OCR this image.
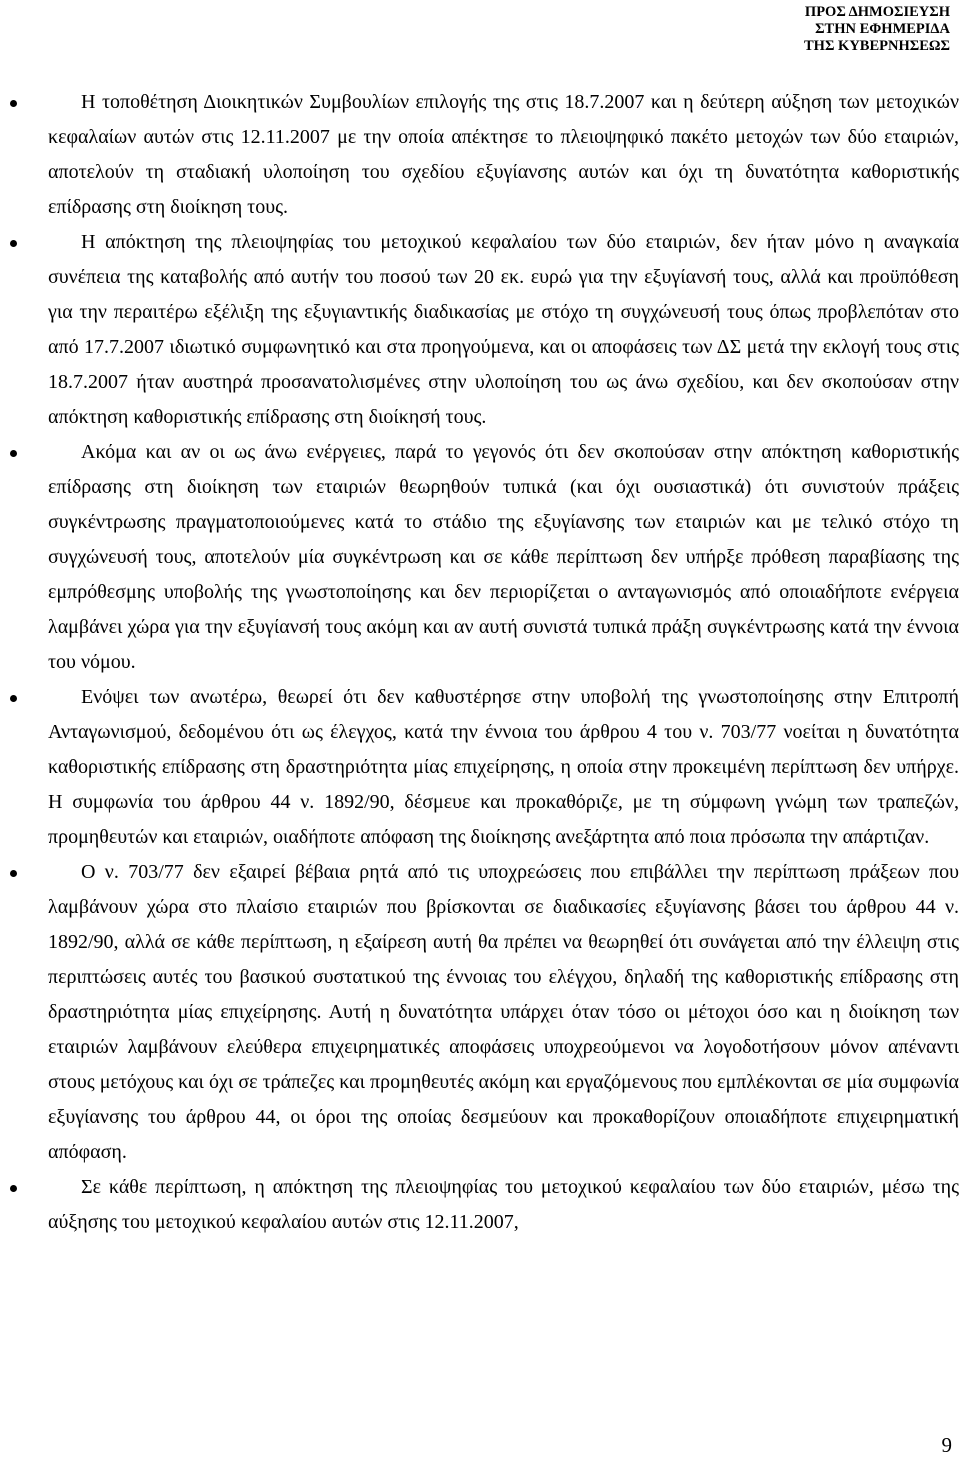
ΠΡΟΣ ΔΗΜΟΣΙΕΥΣΗ
ΣΤΗΝ ΕΦΗΜΕΡΙΔΑ
ΤΗΣ ΚΥΒΕΡΝΗΣΕΩΣ

Η τοποθέτηση Διοικητικών Συμβουλίων επιλογής της στις 18.7.2007 και η δεύτερη αύξηση των μετοχικών κεφαλαίων αυτών στις 12.11.2007 με την οποία απέκτησε το πλειοψηφικό πακέτο μετοχών των δύο εταιριών, αποτελούν τη σταδιακή υλοποίηση του σχεδίου εξυγίανσης αυτών και όχι τη δυνατότητα καθοριστικής επίδρασης στη διοίκηση τους.

Η απόκτηση της πλειοψηφίας του μετοχικού κεφαλαίου των δύο εταιριών, δεν ήταν μόνο η αναγκαία συνέπεια της καταβολής από αυτήν του ποσού των 20 εκ. ευρώ για την εξυγίανσή τους, αλλά και προϋπόθεση για την περαιτέρω εξέλιξη της εξυγιαντικής διαδικασίας με στόχο τη συγχώνευσή τους όπως προβλεπόταν στο από 17.7.2007 ιδιωτικό συμφωνητικό και στα προηγούμενα, και οι αποφάσεις των ΔΣ μετά την εκλογή τους στις 18.7.2007 ήταν αυστηρά προσανατολισμένες στην υλοποίηση του ως άνω σχεδίου, και δεν σκοπούσαν στην απόκτηση καθοριστικής επίδρασης στη διοίκησή τους.

Ακόμα και αν οι ως άνω ενέργειες, παρά το γεγονός ότι δεν σκοπούσαν στην απόκτηση καθοριστικής επίδρασης στη διοίκηση των εταιριών θεωρηθούν τυπικά (και όχι ουσιαστικά) ότι συνιστούν πράξεις συγκέντρωσης πραγματοποιούμενες κατά το στάδιο της εξυγίανσης των εταιριών και με τελικό στόχο τη συγχώνευσή τους, αποτελούν μία συγκέντρωση και σε κάθε περίπτωση δεν υπήρξε πρόθεση παραβίασης της εμπρόθεσμης υποβολής της γνωστοποίησης και δεν περιορίζεται ο ανταγωνισμός από οποιαδήποτε ενέργεια λαμβάνει χώρα για την εξυγίανσή τους ακόμη και αν αυτή συνιστά τυπικά πράξη συγκέντρωσης κατά την έννοια του νόμου.

Ενόψει των ανωτέρω, θεωρεί ότι δεν καθυστέρησε στην υποβολή της γνωστοποίησης στην Επιτροπή Ανταγωνισμού, δεδομένου ότι ως έλεγχος, κατά την έννοια του άρθρου 4 του ν. 703/77 νοείται η δυνατότητα καθοριστικής επίδρασης στη δραστηριότητα μίας επιχείρησης, η οποία στην προκειμένη περίπτωση δεν υπήρχε. Η συμφωνία του άρθρου 44 ν. 1892/90, δέσμευε και προκαθόριζε, με τη σύμφωνη γνώμη των τραπεζών, προμηθευτών και εταιριών, οιαδήποτε απόφαση της διοίκησης ανεξάρτητα από ποια πρόσωπα την απάρτιζαν.

Ο ν. 703/77 δεν εξαιρεί βέβαια ρητά από τις υποχρεώσεις που επιβάλλει την περίπτωση πράξεων που λαμβάνουν χώρα στο πλαίσιο εταιριών που βρίσκονται σε διαδικασίες εξυγίανσης βάσει του άρθρου 44 ν. 1892/90, αλλά σε κάθε περίπτωση, η εξαίρεση αυτή θα πρέπει να θεωρηθεί ότι συνάγεται από την έλλειψη στις περιπτώσεις αυτές του βασικού συστατικού της έννοιας του ελέγχου, δηλαδή της καθοριστικής επίδρασης στη δραστηριότητα μίας επιχείρησης. Αυτή η δυνατότητα υπάρχει όταν τόσο οι μέτοχοι όσο και η διοίκηση των εταιριών λαμβάνουν ελεύθερα επιχειρηματικές αποφάσεις υποχρεούμενοι να λογοδοτήσουν μόνον απέναντι στους μετόχους και όχι σε τράπεζες και προμηθευτές ακόμη και εργαζόμενους που εμπλέκονται σε μία συμφωνία εξυγίανσης του άρθρου 44, οι όροι της οποίας δεσμεύουν και προκαθορίζουν οποιαδήποτε επιχειρηματική απόφαση.

Σε κάθε περίπτωση, η απόκτηση της πλειοψηφίας του μετοχικού κεφαλαίου των δύο εταιριών, μέσω της αύξησης του μετοχικού κεφαλαίου αυτών στις 12.11.2007,

9
